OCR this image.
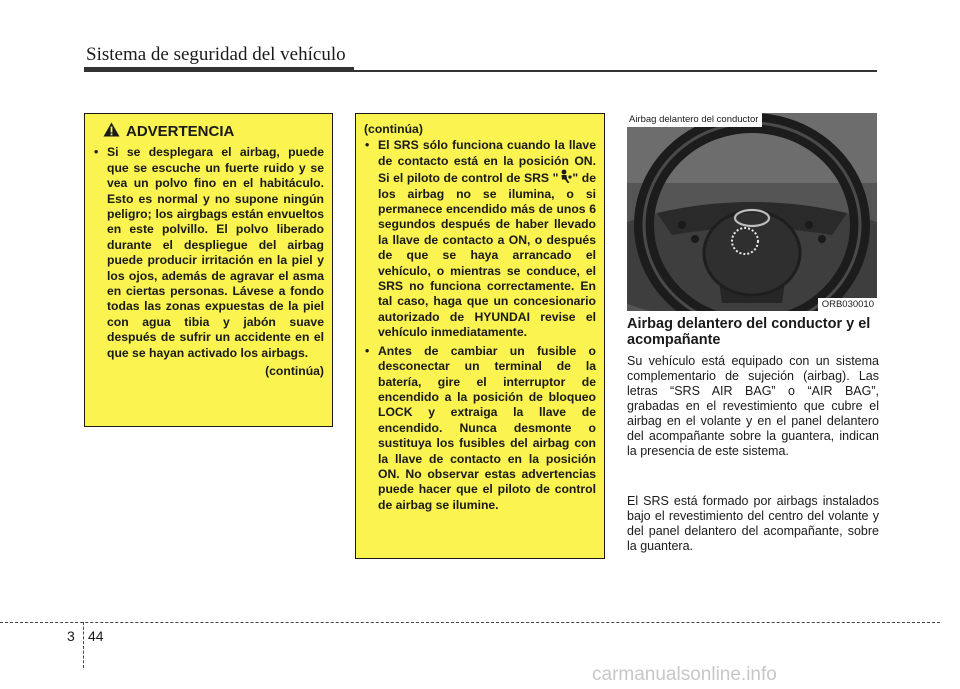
Sistema de seguridad del vehículo
ADVERTENCIA
• Si se desplegara el airbag, puede que se escuche un fuerte ruido y se vea un polvo fino en el habitáculo. Esto es normal y no supone ningún peligro; los airgbags están envueltos en este polvillo. El polvo liberado durante el despliegue del airbag puede producir irritación en la piel y los ojos, además de agravar el asma en ciertas personas. Lávese a fondo todas las zonas expuestas de la piel con agua tibia y jabón suave después de sufrir un accidente en el que se hayan activado los airbags.
(continúa)
(continúa)
• El SRS sólo funciona cuando la llave de contacto está en la posición ON. Si el piloto de control de SRS " " de los airbag no se ilumina, o si permanece encendido más de unos 6 segundos después de haber llevado la llave de contacto a ON, o después de que se haya arrancado el vehículo, o mientras se conduce, el SRS no funciona correctamente. En tal caso, haga que un concesionario autorizado de HYUNDAI revise el vehículo inmediatamente.
• Antes de cambiar un fusible o desconectar un terminal de la batería, gire el interruptor de encendido a la posición de bloqueo LOCK y extraiga la llave de encendido. Nunca desmonte o sustituya los fusibles del airbag con la llave de contacto en la posición ON. No observar estas advertencias puede hacer que el piloto de control de airbag se ilumine.
Airbag delantero del conductor
ORB030010
Airbag delantero del conductor y el acompañante
Su vehículo está equipado con un sistema complementario de sujeción (airbag). Las letras “SRS AIR BAG” o “AIR BAG”, grabadas en el revestimiento que cubre el airbag en el volante y en el panel delantero del acompañante sobre la guantera, indican la presencia de este sistema.
El SRS está formado por airbags instalados bajo el revestimiento del centro del volante y del panel delantero del acompañante, sobre la guantera.
3 44
carmanualsonline.info
